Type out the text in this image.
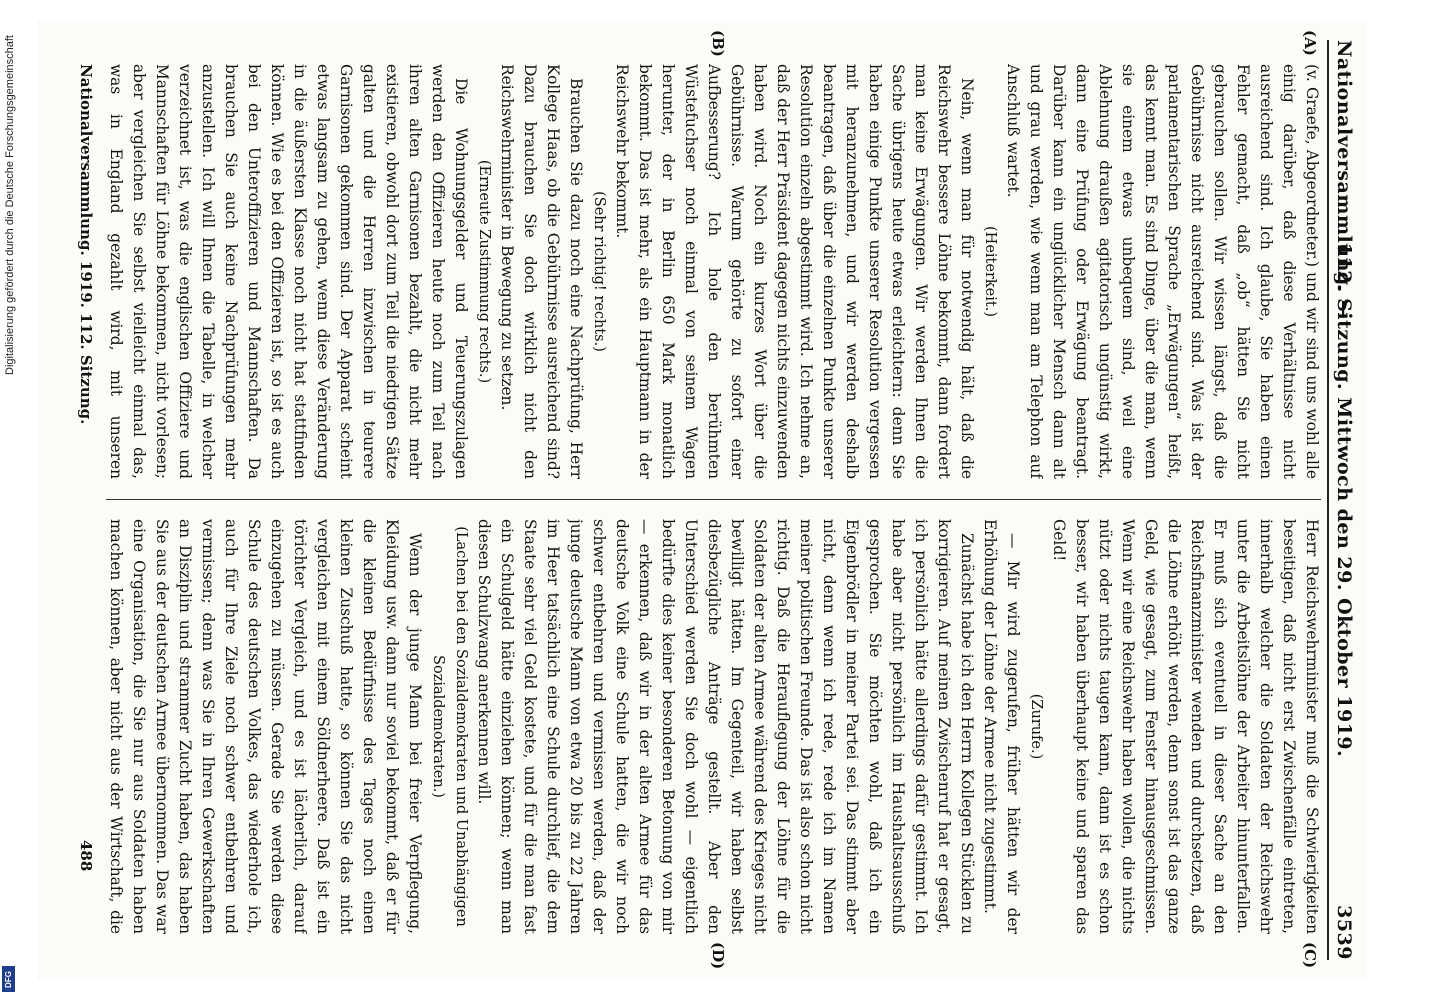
Nationalversammlung. —
112. Sitzung. Mittwoch den 29. Oktober 1919.
3539
(A)
(B)
(C)
(D)

(v. Graefe, Abgeordneter.) und wir sind uns wohl alle einig darüber, daß diese Verhältnisse nicht ausreichend sind. Ich glaube, Sie haben einen Fehler gemacht, daß „ob“ hätten Sie nicht gebrauchen sollen. Wir wissen längst, daß die Gebührnisse nicht ausreichend sind. Was ist der parlamentarischen Sprache „Erwägungen“ heißt, das kennt man. Es sind Dinge, über die man, wenn sie einem etwas unbequem sind, weil eine Ablehnung draußen agitatorisch ungünstig wirkt, dann eine Prüfung oder Erwägung beantragt. Darüber kann ein unglücklicher Mensch dann alt und grau werden, wie wenn man am Telephon auf Anschluß wartet.

(Heiterkeit.)

Nein, wenn man für notwendig hält, daß die Reichswehr bessere Löhne bekommt, dann fordert man keine Erwägungen. Wir werden Ihnen die Sache übrigens heute etwas erleichtern: denn Sie haben einige Punkte unserer Resolution vergessen mit heranzunehmen, und wir werden deshalb beantragen, daß über die einzelnen Punkte unserer Resolution einzeln abgestimmt wird. Ich nehme an, daß der Herr Präsident dagegen nichts einzuwenden haben wird. Noch ein kurzes Wort über die Gebührnisse. Warum gehörte zu sofort einer Aufbesserung? Ich hole den berühmten Wüstefuchser noch einmal von seinem Wagen herunter, der in Berlin 650 Mark monatlich bekommt. Das ist mehr, als ein Hauptmann in der Reichswehr bekommt.

(Sehr richtig! rechts.)

Brauchen Sie dazu noch eine Nachprüfung, Herr Kollege Haas, ob die Gebührnisse ausreichend sind? Dazu brauchen Sie doch wirklich nicht den Reichswehrminister in Bewegung zu setzen.

(Erneute Zustimmung rechts.)

Die Wohnungsgelder und Teuerungszulagen werden den Offizieren heute noch zum Teil nach ihren alten Garnisonen bezahlt, die nicht mehr existieren, obwohl dort zum Teil die niedrigen Sätze galten und die Herren inzwischen in teurere Garnisonen gekommen sind. Der Apparat scheint etwas langsam zu gehen, wenn diese Veränderung in die äußersten Klasse noch nicht hat stattfinden können. Wie es bei den Offizieren ist, so ist es auch bei den Unteroffizieren und Mannschaften. Da brauchen Sie auch keine Nachprüfungen mehr anzustellen. Ich will Ihnen die Tabelle, in welcher verzeichnet ist, was die englischen Offiziere und Mannschaften für Löhne bekommen, nicht vorlesen; aber vergleichen Sie selbst vielleicht einmal das, was in England gezahlt wird, mit unseren

Herr Reichswehrminister muß die Schwierigkeiten beseitigen, daß nicht erst Zwischenfälle eintreten, innerhalb welcher die Soldaten der Reichswehr unter die Arbeitslöhne der Arbeiter hinunterfallen. Er muß sich eventuell in dieser Sache an den Reichsfinanzminister wenden und durchsetzen, daß die Löhne erhöht werden, denn sonst ist das ganze Geld, wie gesagt, zum Fenster hinausgeschmissen. Wenn wir eine Reichswehr haben wollen, die nichts nützt oder nichts taugen kann, dann ist es schon besser, wir haben überhaupt keine und sparen das Geld!

(Zurufe.)

— Mir wird zugerufen, früher hätten wir der Erhöhung der Löhne der Armee nicht zugestimmt.

Zunächst habe ich den Herrn Kollegen Stücklen zu korrigieren. Auf meinen Zwischenruf hat er gesagt, ich persönlich hätte allerdings dafür gestimmt. Ich habe aber nicht persönlich im Haushaltsausschuß gesprochen. Sie möchten wohl, daß ich ein Eigenbrödler in meiner Partei sei. Das stimmt aber nicht, denn wenn ich rede, rede ich im Namen meiner politischen Freunde. Das ist also schon nicht richtig. Daß die Herauflegung der Löhne für die Soldaten der alten Armee während des Krieges nicht bewilligt hätten. Im Gegenteil, wir haben selbst diesbezügliche Anträge gestellt. Aber den Unterschied werden Sie doch wohl — eigentlich bedürfte dies keiner besonderen Betonung von mir — erkennen, daß wir in der alten Armee für das deutsche Volk eine Schule hatten, die wir noch schwer entbehren und vermissen werden, daß der junge deutsche Mann von etwa 20 bis zu 22 Jahren im Heer tatsächlich eine Schule durchlief, die dem Staate sehr viel Geld kostete, und für die man fast ein Schulgeld hätte einziehen können; wenn man diesen Schulzwang anerkennen will.

(Lachen bei den Sozialdemokraten und Unabhängigen Sozialdemokraten.)

Wenn der junge Mann bei freier Verpflegung, Kleidung usw. dann nur soviel bekommt, daß er für die kleinen Bedürfnisse des Tages noch einen kleinen Zuschuß hatte, so können Sie das nicht vergleichen mit einem Söldnerheere. Daß ist ein törichter Vergleich, und es ist lächerlich, darauf einzugehen zu müssen. Gerade Sie werden diese Schule des deutschen Volkes, das wiederhole ich, auch für Ihre Ziele noch schwer entbehren und vermissen; denn was Sie in Ihren Gewerkschaften an Disziplin und strammer Zucht haben, das haben Sie aus der deutschen Armee übernommen. Das war eine Organisation, die Sie nur aus Soldaten haben machen können, aber nicht aus der Wirtschaft, die

Nationalversammlung. 1919. 112. Sitzung.
488
Digitalisierung gefördert durch die Deutsche Forschungsgemeinschaft
DFG
